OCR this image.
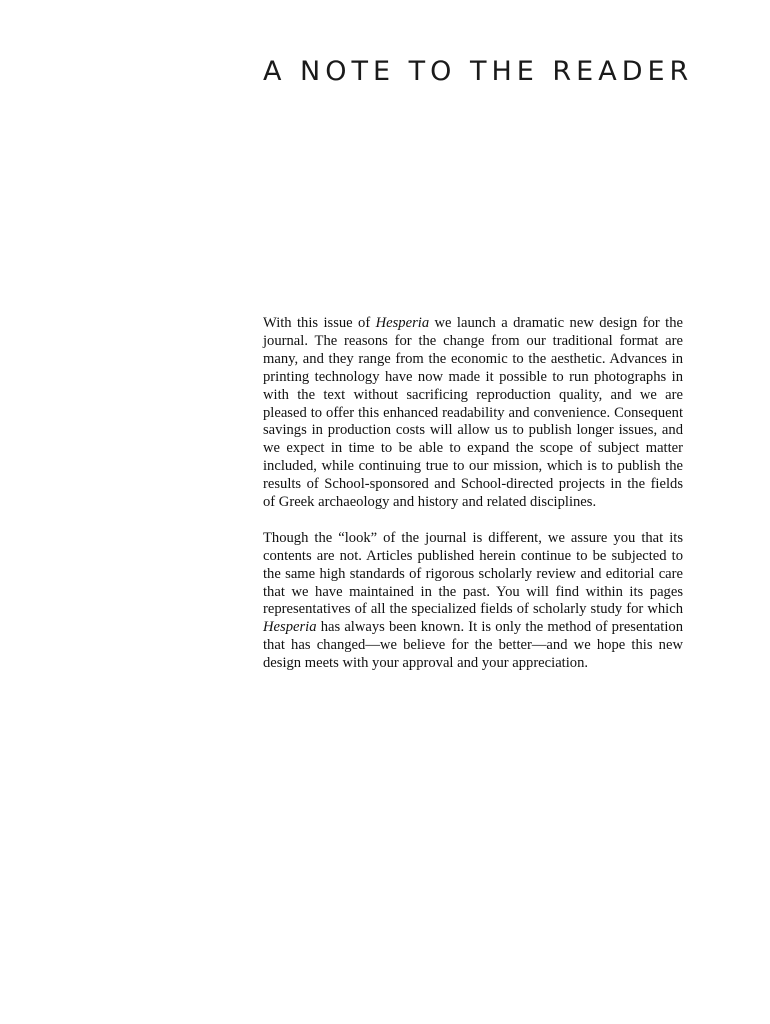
A NOTE TO THE READER

With this issue of Hesperia we launch a dramatic new design for the journal. The reasons for the change from our traditional format are many, and they range from the economic to the aesthetic. Advances in printing technology have now made it possible to run photographs in with the text without sacrificing reproduction quality, and we are pleased to offer this enhanced readability and convenience. Consequent savings in production costs will allow us to publish longer issues, and we expect in time to be able to expand the scope of subject matter included, while continuing true to our mission, which is to publish the results of School-sponsored and School-directed projects in the fields of Greek archaeology and history and related disciplines.

Though the “look” of the journal is different, we assure you that its contents are not. Articles published herein continue to be subjected to the same high standards of rigorous scholarly review and editorial care that we have maintained in the past. You will find within its pages representatives of all the specialized fields of scholarly study for which Hesperia has always been known. It is only the method of presentation that has changed—we believe for the better—and we hope this new design meets with your approval and your appreciation.
